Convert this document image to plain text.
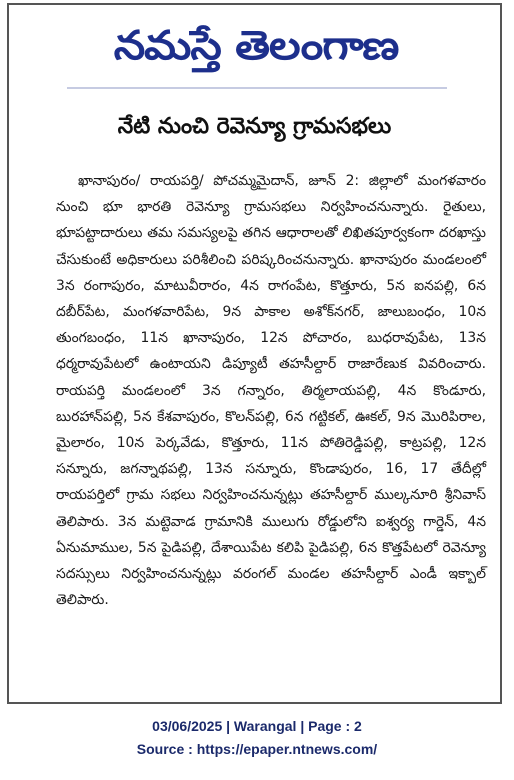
నమస్తే తెలంగాణ
నేటి నుంచి రెవెన్యూ గ్రామసభలు
ఖానాపురం/ రాయపర్తి/ పోచమ్మమైదాన్, జూన్ 2: జిల్లాలో మంగళవారం నుంచి భూ భారతి రెవెన్యూ గ్రామసభలు నిర్వహించనున్నారు. రైతులు, భూపట్టాదారులు తమ సమస్యలపై తగిన ఆధారాలతో లిఖితపూర్వకంగా దరఖాస్తు చేసుకుంటే అధికారులు పరిశీలించి పరిష్కరించనున్నారు. ఖానాపురం మండలంలో 3న రంగాపురం, మాటువీరారం, 4న రాగంపేట, కొత్తూరు, 5న ఐనపల్లి, 6న దబీర్‌పేట, మంగళవారిపేట, 9న పాకాల అశోక్‌నగర్, జాలుబంధం, 10న తుంగబంధం, 11న ఖానాపురం, 12న పోచారం, బుధరావుపేట, 13న ధర్మరావుపేటలో ఉంటాయని డిప్యూటీ తహసీల్దార్ రాజారేణుక వివరించారు. రాయపర్తి మండలంలో 3న గన్నారం, తిర్మలాయపల్లి, 4న కొండూరు, బురహాన్‌పల్లి, 5న కేశవాపురం, కొలన్‌పల్లి, 6న గట్టికల్, ఊకల్, 9న మొరిపిరాల, మైలారం, 10న పెర్కవేడు, కొత్తూరు, 11న పోతిరెడ్డిపల్లి, కాట్రపల్లి, 12న సన్నూరు, జగన్నాథపల్లి, 13న సన్నూరు, కొండాపురం, 16, 17 తేదీల్లో రాయపర్తిలో గ్రామ సభలు నిర్వహించనున్నట్లు తహసీల్దార్ ముల్కనూరి శ్రీనివాస్ తెలిపారు. 3న మట్టెవాడ గ్రామానికి ములుగు రోడ్డులోని ఐశ్వర్య గార్డెన్, 4న ఏనుమాముల, 5న పైడిపల్లి, దేశాయిపేట కలిపి పైడిపల్లి, 6న కొత్తపేటలో రెవెన్యూ సదస్సులు నిర్వహించనున్నట్లు వరంగల్ మండల తహసీల్దార్ ఎండీ ఇక్బాల్ తెలిపారు.
03/06/2025 | Warangal | Page : 2
Source : https://epaper.ntnews.com/
